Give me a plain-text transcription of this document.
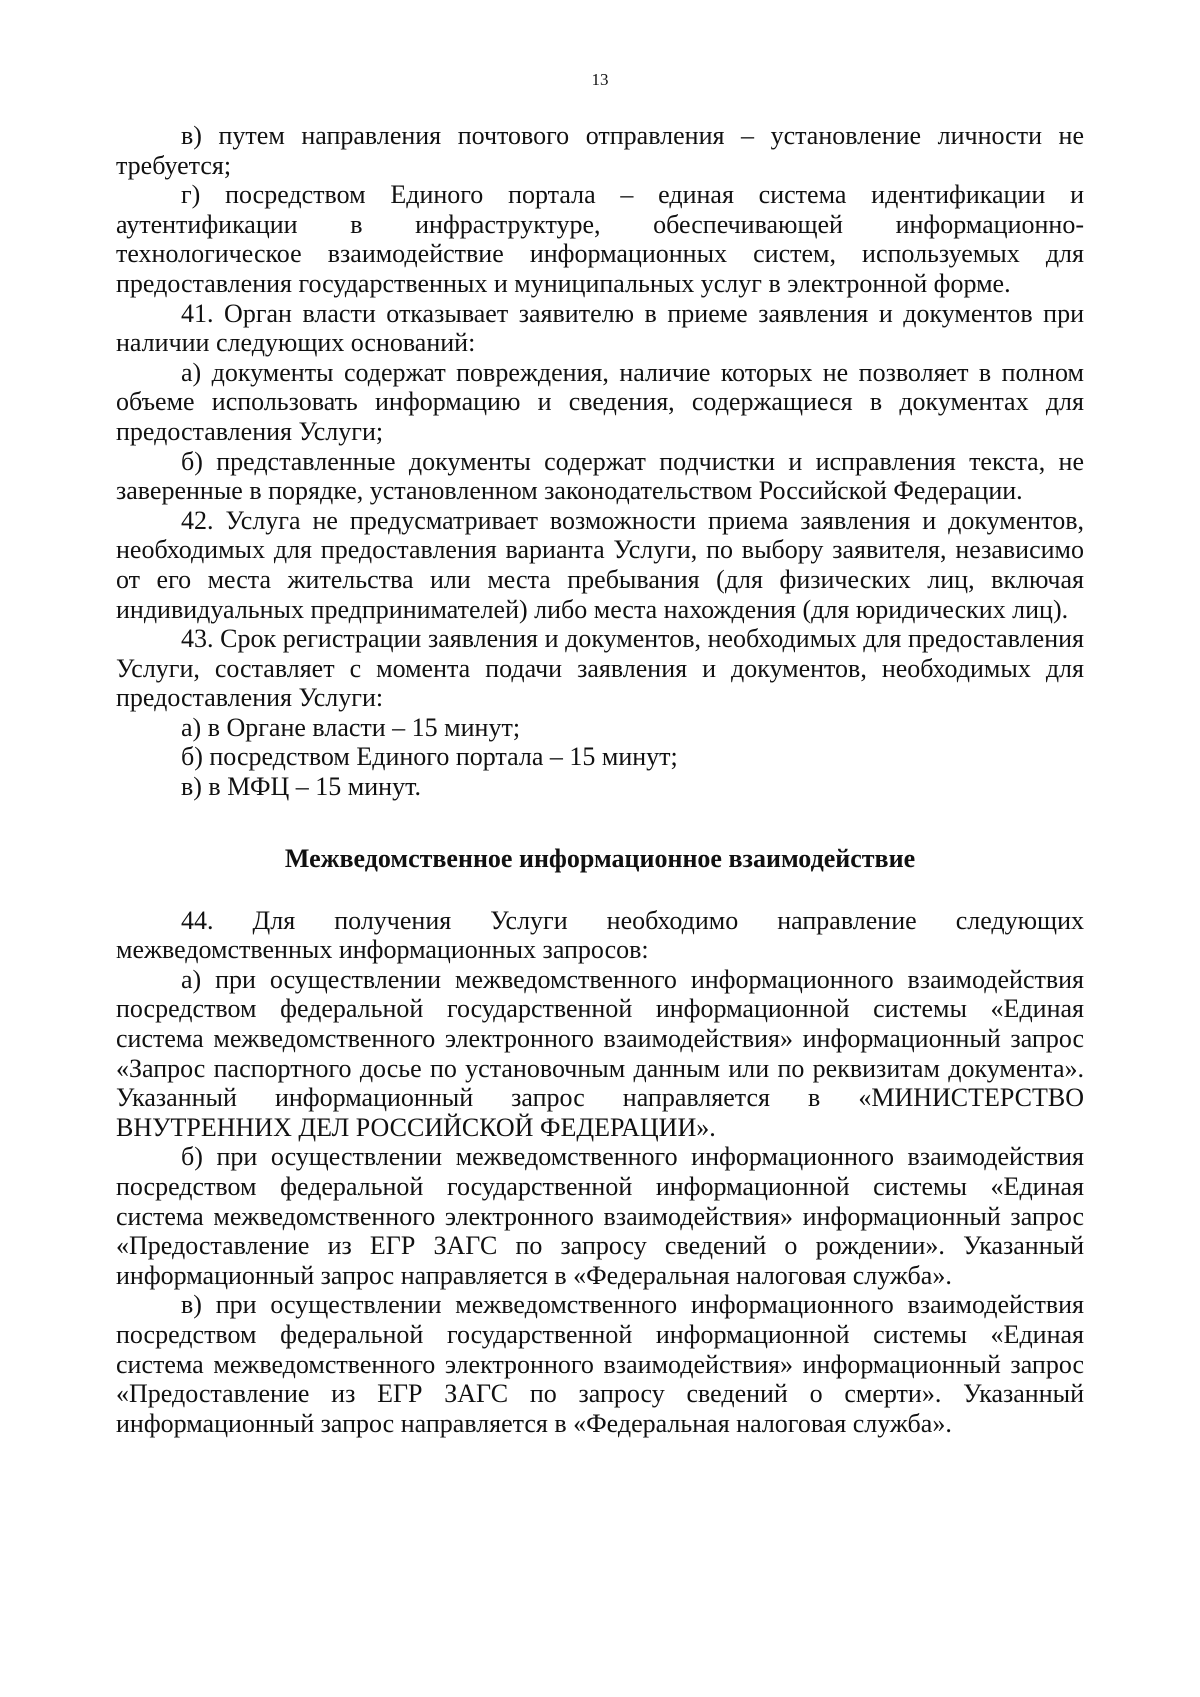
13

в) путем направления почтового отправления – установление личности не требуется;

г) посредством Единого портала – единая система идентификации и аутентификации в инфраструктуре, обеспечивающей информационно-технологическое взаимодействие информационных систем, используемых для предоставления государственных и муниципальных услуг в электронной форме.

41. Орган власти отказывает заявителю в приеме заявления и документов при наличии следующих оснований:

а) документы содержат повреждения, наличие которых не позволяет в полном объеме использовать информацию и сведения, содержащиеся в документах для предоставления Услуги;

б) представленные документы содержат подчистки и исправления текста, не заверенные в порядке, установленном законодательством Российской Федерации.

42. Услуга не предусматривает возможности приема заявления и документов, необходимых для предоставления варианта Услуги, по выбору заявителя, независимо от его места жительства или места пребывания (для физических лиц, включая индивидуальных предпринимателей) либо места нахождения (для юридических лиц).

43. Срок регистрации заявления и документов, необходимых для предоставления Услуги, составляет с момента подачи заявления и документов, необходимых для предоставления Услуги:

а) в Органе власти – 15 минут;

б) посредством Единого портала – 15 минут;

в) в МФЦ – 15 минут.

Межведомственное информационное взаимодействие

44. Для получения Услуги необходимо направление следующих межведомственных информационных запросов:

а) при осуществлении межведомственного информационного взаимодействия посредством федеральной государственной информационной системы «Единая система межведомственного электронного взаимодействия» информационный запрос «Запрос паспортного досье по установочным данным или по реквизитам документа». Указанный информационный запрос направляется в «МИНИСТЕРСТВО ВНУТРЕННИХ ДЕЛ РОССИЙСКОЙ ФЕДЕРАЦИИ».

б) при осуществлении межведомственного информационного взаимодействия посредством федеральной государственной информационной системы «Единая система межведомственного электронного взаимодействия» информационный запрос «Предоставление из ЕГР ЗАГС по запросу сведений о рождении». Указанный информационный запрос направляется в «Федеральная налоговая служба».

в) при осуществлении межведомственного информационного взаимодействия посредством федеральной государственной информационной системы «Единая система межведомственного электронного взаимодействия» информационный запрос «Предоставление из ЕГР ЗАГС по запросу сведений о смерти». Указанный информационный запрос направляется в «Федеральная налоговая служба».
